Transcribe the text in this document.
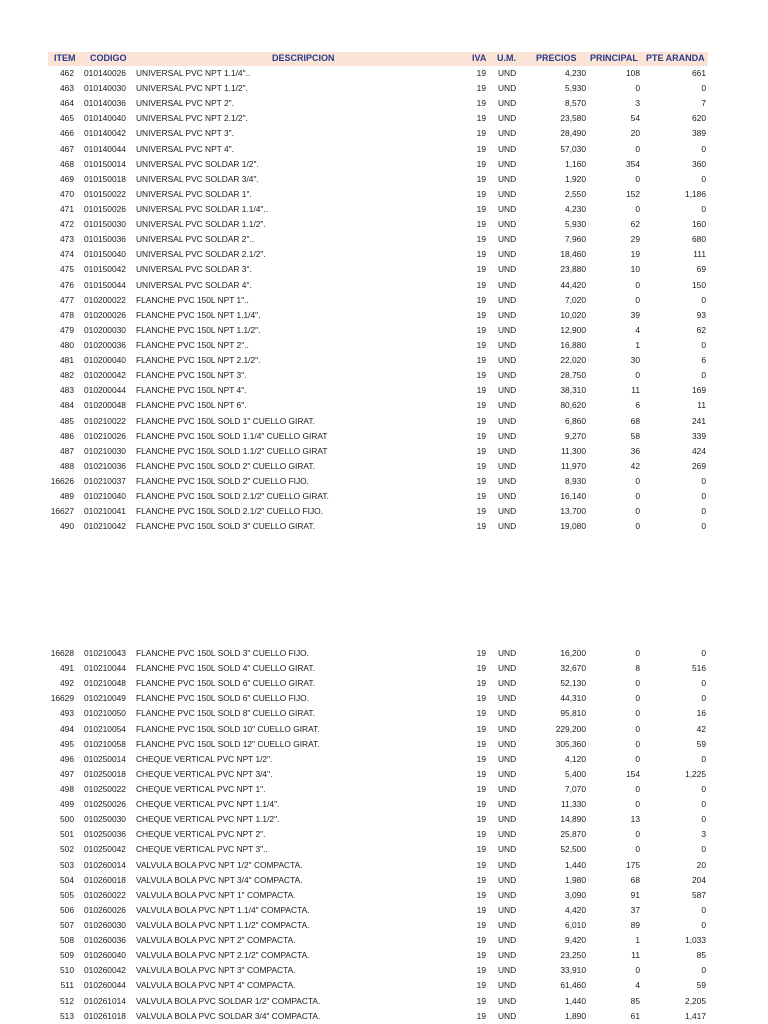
ITEM CODIGO	DESCRIPCION	IVA U.M. PRECIOS PRINCIPAL PTE ARANDA
462 010140026 UNIVERSAL PVC NPT 1.1/4"..	19 UND	4,230	108	661
463 010140030 UNIVERSAL PVC NPT 1.1/2".	19 UND	5,930	0	0
464 010140036 UNIVERSAL PVC NPT 2".	19 UND	8,570	3	7
465 010140040 UNIVERSAL PVC NPT 2.1/2".	19 UND	23,580	54	620
466 010140042 UNIVERSAL PVC NPT 3".	19 UND	28,490	20	389
467 010140044 UNIVERSAL PVC NPT 4".	19 UND	57,030	0	0
468 010150014 UNIVERSAL PVC SOLDAR 1/2".	19 UND	1,160	354	360
469 010150018 UNIVERSAL PVC SOLDAR 3/4".	19 UND	1,920	0	0
470 010150022 UNIVERSAL PVC SOLDAR 1".	19 UND	2,550	152	1,186
471 010150026 UNIVERSAL PVC SOLDAR 1.1/4"..	19 UND	4,230	0	0
472 010150030 UNIVERSAL PVC SOLDAR 1.1/2".	19 UND	5,930	62	160
473 010150036 UNIVERSAL PVC SOLDAR 2"..	19 UND	7,960	29	680
474 010150040 UNIVERSAL PVC SOLDAR 2.1/2".	19 UND	18,460	19	111
475 010150042 UNIVERSAL PVC SOLDAR 3".	19 UND	23,880	10	69
476 010150044 UNIVERSAL PVC SOLDAR 4".	19 UND	44,420	0	150
477 010200022 FLANCHE PVC 150L NPT 1"..	19 UND	7,020	0	0
478 010200026 FLANCHE PVC 150L NPT 1.1/4".	19 UND	10,020	39	93
479 010200030 FLANCHE PVC 150L NPT 1.1/2".	19 UND	12,900	4	62
480 010200036 FLANCHE PVC 150L NPT 2"..	19 UND	16,880	1	0
481 010200040 FLANCHE PVC 150L NPT 2.1/2".	19 UND	22,020	30	6
482 010200042 FLANCHE PVC 150L NPT 3".	19 UND	28,750	0	0
483 010200044 FLANCHE PVC 150L NPT 4".	19 UND	38,310	11	169
484 010200048 FLANCHE PVC 150L NPT 6".	19 UND	80,620	6	11
485 010210022 FLANCHE PVC 150L SOLD 1" CUELLO GIRAT.	19 UND	6,860	68	241
486 010210026 FLANCHE PVC 150L SOLD 1.1/4" CUELLO GIRAT	19 UND	9,270	58	339
487 010210030 FLANCHE PVC 150L SOLD 1.1/2" CUELLO GIRAT	19 UND	11,300	36	424
488 010210036 FLANCHE PVC 150L SOLD 2" CUELLO GIRAT.	19 UND	11,970	42	269
16626 010210037 FLANCHE PVC 150L SOLD 2" CUELLO FIJO.	19 UND	8,930	0	0
489 010210040 FLANCHE PVC 150L SOLD 2.1/2" CUELLO GIRAT.	19 UND	16,140	0	0
16627 010210041 FLANCHE PVC 150L SOLD 2.1/2" CUELLO FIJO.	19 UND	13,700	0	0
490 010210042 FLANCHE PVC 150L SOLD 3" CUELLO GIRAT.	19 UND	19,080	0	0
16628 010210043 FLANCHE PVC 150L SOLD 3" CUELLO FIJO.	19 UND	16,200	0	0
491 010210044 FLANCHE PVC 150L SOLD 4" CUELLO GIRAT.	19 UND	32,670	8	516
492 010210048 FLANCHE PVC 150L SOLD 6" CUELLO GIRAT.	19 UND	52,130	0	0
16629 010210049 FLANCHE PVC 150L SOLD 6" CUELLO FIJO.	19 UND	44,310	0	0
493 010210050 FLANCHE PVC 150L SOLD 8" CUELLO GIRAT.	19 UND	95,810	0	16
494 010210054 FLANCHE PVC 150L SOLD 10" CUELLO GIRAT.	19 UND	229,200	0	42
495 010210058 FLANCHE PVC 150L SOLD 12" CUELLO GIRAT.	19 UND	305,360	0	59
496 010250014 CHEQUE VERTICAL PVC NPT 1/2".	19 UND	4,120	0	0
497 010250018 CHEQUE VERTICAL PVC NPT 3/4".	19 UND	5,400	154	1,225
498 010250022 CHEQUE VERTICAL PVC NPT 1".	19 UND	7,070	0	0
499 010250026 CHEQUE VERTICAL PVC NPT 1.1/4".	19 UND	11,330	0	0
500 010250030 CHEQUE VERTICAL PVC NPT 1.1/2".	19 UND	14,890	13	0
501 010250036 CHEQUE VERTICAL PVC NPT 2".	19 UND	25,870	0	3
502 010250042 CHEQUE VERTICAL PVC NPT 3"..	19 UND	52,500	0	0
503 010260014 VALVULA BOLA PVC NPT 1/2" COMPACTA.	19 UND	1,440	175	20
504 010260018 VALVULA BOLA PVC NPT 3/4" COMPACTA.	19 UND	1,980	68	204
505 010260022 VALVULA BOLA PVC NPT 1" COMPACTA.	19 UND	3,090	91	587
506 010260026 VALVULA BOLA PVC NPT 1.1/4" COMPACTA.	19 UND	4,420	37	0
507 010260030 VALVULA BOLA PVC NPT 1.1/2" COMPACTA.	19 UND	6,010	89	0
508 010260036 VALVULA BOLA PVC NPT 2" COMPACTA.	19 UND	9,420	1	1,033
509 010260040 VALVULA BOLA PVC NPT 2.1/2" COMPACTA.	19 UND	23,250	11	85
510 010260042 VALVULA BOLA PVC NPT 3" COMPACTA.	19 UND	33,910	0	0
511 010260044 VALVULA BOLA PVC NPT 4" COMPACTA.	19 UND	61,460	4	59
512 010261014 VALVULA BOLA PVC SOLDAR 1/2" COMPACTA.	19 UND	1,440	85	2,205
513 010261018 VALVULA BOLA PVC SOLDAR 3/4" COMPACTA.	19 UND	1,890	61	1,417
